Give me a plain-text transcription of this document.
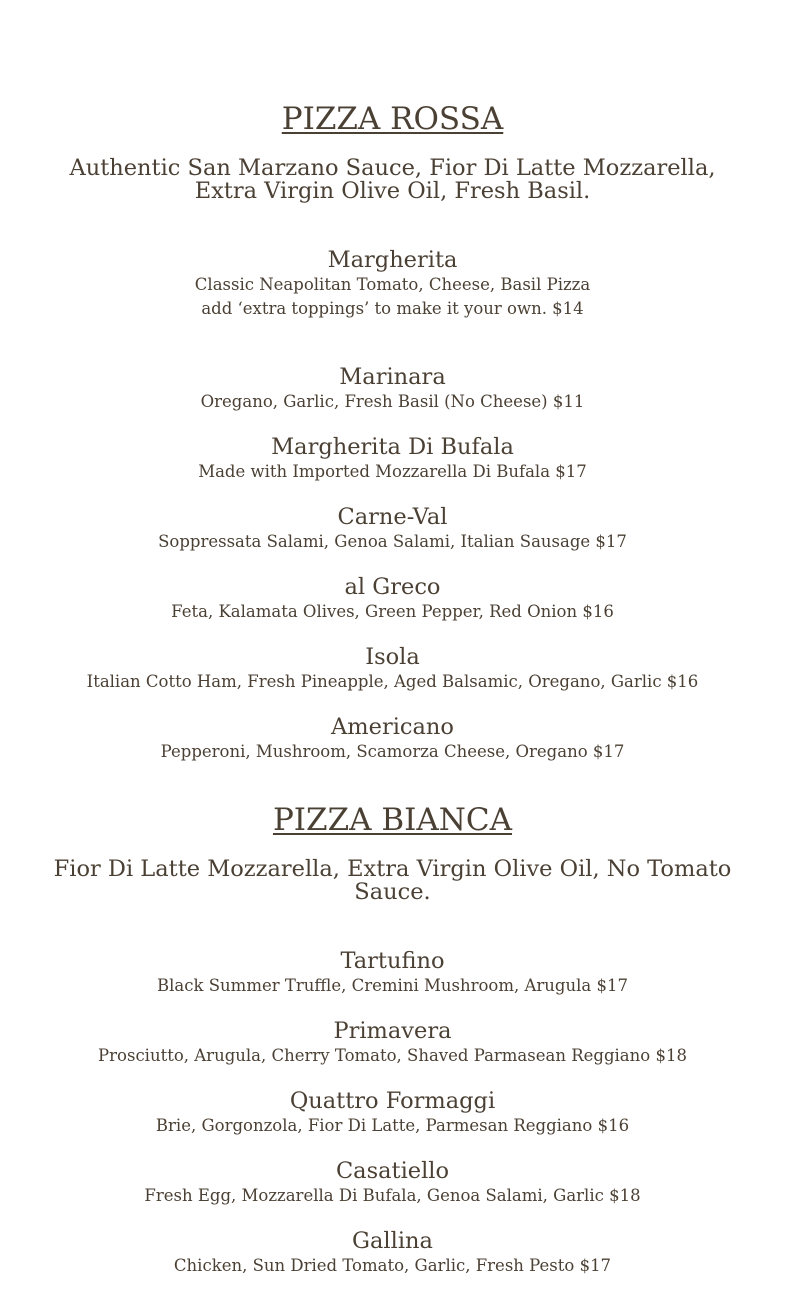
PIZZA ROSSA

Authentic San Marzano Sauce, Fior Di Latte Mozzarella, Extra Virgin Olive Oil, Fresh Basil.

Margherita

Classic Neapolitan Tomato, Cheese, Basil Pizza

add ‘extra toppings’ to make it your own. $14

Marinara

Oregano, Garlic, Fresh Basil (No Cheese) $11

Margherita Di Bufala

Made with Imported Mozzarella Di Bufala $17

Carne-Val

Soppressata Salami, Genoa Salami, Italian Sausage $17

al Greco

Feta, Kalamata Olives, Green Pepper, Red Onion $16

Isola

Italian Cotto Ham, Fresh Pineapple, Aged Balsamic, Oregano, Garlic $16

Americano

Pepperoni, Mushroom, Scamorza Cheese, Oregano $17

PIZZA BIANCA

Fior Di Latte Mozzarella, Extra Virgin Olive Oil, No Tomato Sauce.

Tartufino

Black Summer Truffle, Cremini Mushroom, Arugula $17

Primavera

Prosciutto, Arugula, Cherry Tomato, Shaved Parmasean Reggiano $18

Quattro Formaggi

Brie, Gorgonzola, Fior Di Latte, Parmesan Reggiano $16

Casatiello

Fresh Egg, Mozzarella Di Bufala, Genoa Salami, Garlic $18

Gallina

Chicken, Sun Dried Tomato, Garlic, Fresh Pesto $17
